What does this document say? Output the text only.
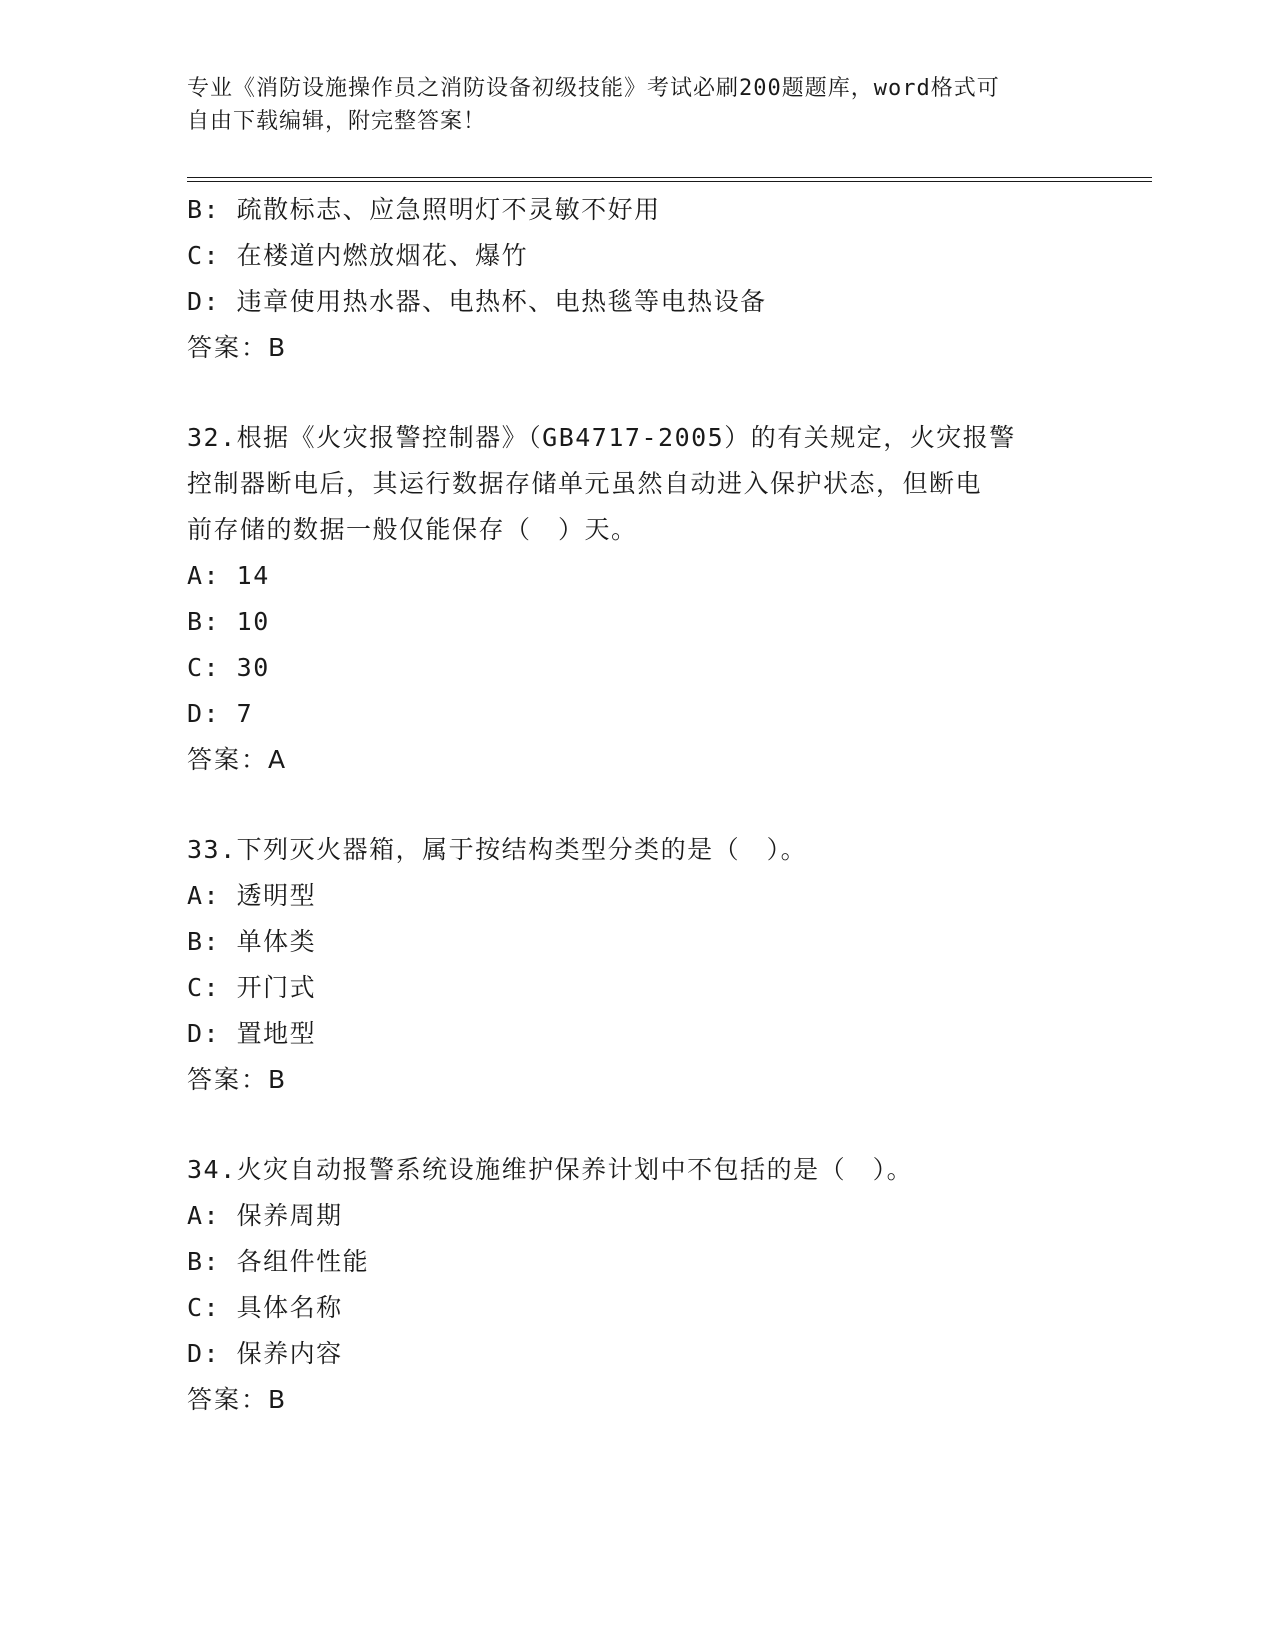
专业《消防设施操作员之消防设备初级技能》考试必刷200题题库，word格式可
自由下载编辑，附完整答案！
B: 疏散标志、应急照明灯不灵敏不好用
C: 在楼道内燃放烟花、爆竹
D: 违章使用热水器、电热杯、电热毯等电热设备
答案：B
32.根据《火灾报警控制器》（GB4717-2005）的有关规定，火灾报警
控制器断电后，其运行数据存储单元虽然自动进入保护状态，但断电
前存储的数据一般仅能保存（　）天。
A: 14
B: 10
C: 30
D: 7
答案：A
33.下列灭火器箱，属于按结构类型分类的是（　）。
A: 透明型
B: 单体类
C: 开门式
D: 置地型
答案：B
34.火灾自动报警系统设施维护保养计划中不包括的是（　）。
A: 保养周期
B: 各组件性能
C: 具体名称
D: 保养内容
答案：B
